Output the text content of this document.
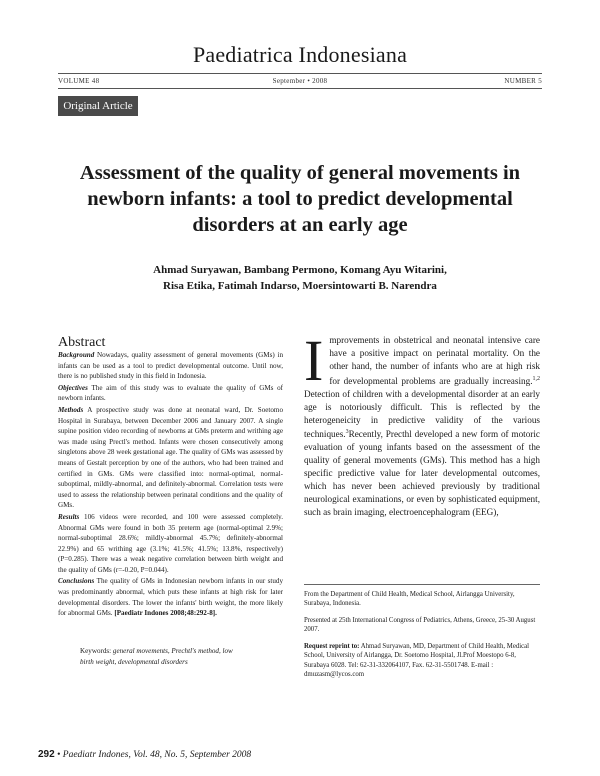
Paediatrica Indonesiana
VOLUME 48	September • 2008	NUMBER 5
Original Article
Assessment of the quality of general movements in newborn infants: a tool to predict developmental disorders at an early age
Ahmad Suryawan, Bambang Permono, Komang Ayu Witarini,
Risa Etika, Fatimah Indarso, Moersintowarti B. Narendra
Abstract

Background Nowadays, quality assessment of general movements (GMs) in infants can be used as a tool to predict developmental outcome. Until now, there is no published study in this field in Indonesia.

Objectives The aim of this study was to evaluate the quality of GMs of newborn infants.

Methods A prospective study was done at neonatal ward, Dr. Soetomo Hospital in Surabaya, between December 2006 and January 2007. A single supine position video recording of newborns at GMs preterm and writhing age was made using Prectl's method. Infants were chosen consecutively among singletons above 28 week gestational age. The quality of GMs was assessed by means of Gestalt perception by one of the authors, who had been trained and certified in GMs. GMs were classified into: normal-optimal, normal-suboptimal, mildly-abnormal, and definitely-abnormal. Correlation tests were used to assess the relationship between perinatal conditions and the quality of GMs.

Results 106 videos were recorded, and 100 were assessed completely. Abnormal GMs were found in both 35 preterm age (normal-optimal 2.9%; normal-suboptimal 28.6%; mildly-abnormal 45.7%; definitely-abnormal 22.9%) and 65 writhing age (3.1%; 41.5%; 41.5%; 13.8%, respectively) (P=0.285). There was a weak negative correlation between birth weight and the quality of GMs (r=-0.20, P=0.044).

Conclusions The quality of GMs in Indonesian newborn infants in our study was predominantly abnormal, which puts these infants at high risk for later developmental disorders. The lower the infants' birth weight, the more likely for abnormal GMs. [Paediatr Indones 2008;48:292-8].

Keywords: general movements, Prechtl's method, low
birth weight, developmental disorders
Improvements in obstetrical and neonatal intensive care have a positive impact on perinatal mortality. On the other hand, the number of infants who are at high risk for developmental problems are gradually increasing.$^{1,2}$ Detection of children with a developmental disorder at an early age is notoriously difficult. This is reflected by the heterogeneicity in predictive validity of the various techniques.$^3$Recently, Precthl developed a new form of motoric evaluation of young infants based on the assessment of the quality of general movements (GMs). This method has a high specific predictive value for later developmental outcomes, which has never been achieved previously by traditional neurological examinations, or even by sophisticated equipment, such as brain imaging, electroencephalogram (EEG),
From the Department of Child Health, Medical School, Airlangga University, Surabaya, Indonesia.
Presented at 25th International Congress of Pediatrics, Athens, Greece, 25-30 August 2007.
Request reprint to: Ahmad Suryawan, MD, Department of Child Health, Medical School, University of Airlangga, Dr. Soetomo Hospital, Jl.Prof Moestopo 6-8, Surabaya 6028. Tel: 62-31-332064107, Fax. 62-31-5501748. E-mail : dmuzasm@lycos.com
292 • Paediatr Indones, Vol. 48, No. 5, September 2008
